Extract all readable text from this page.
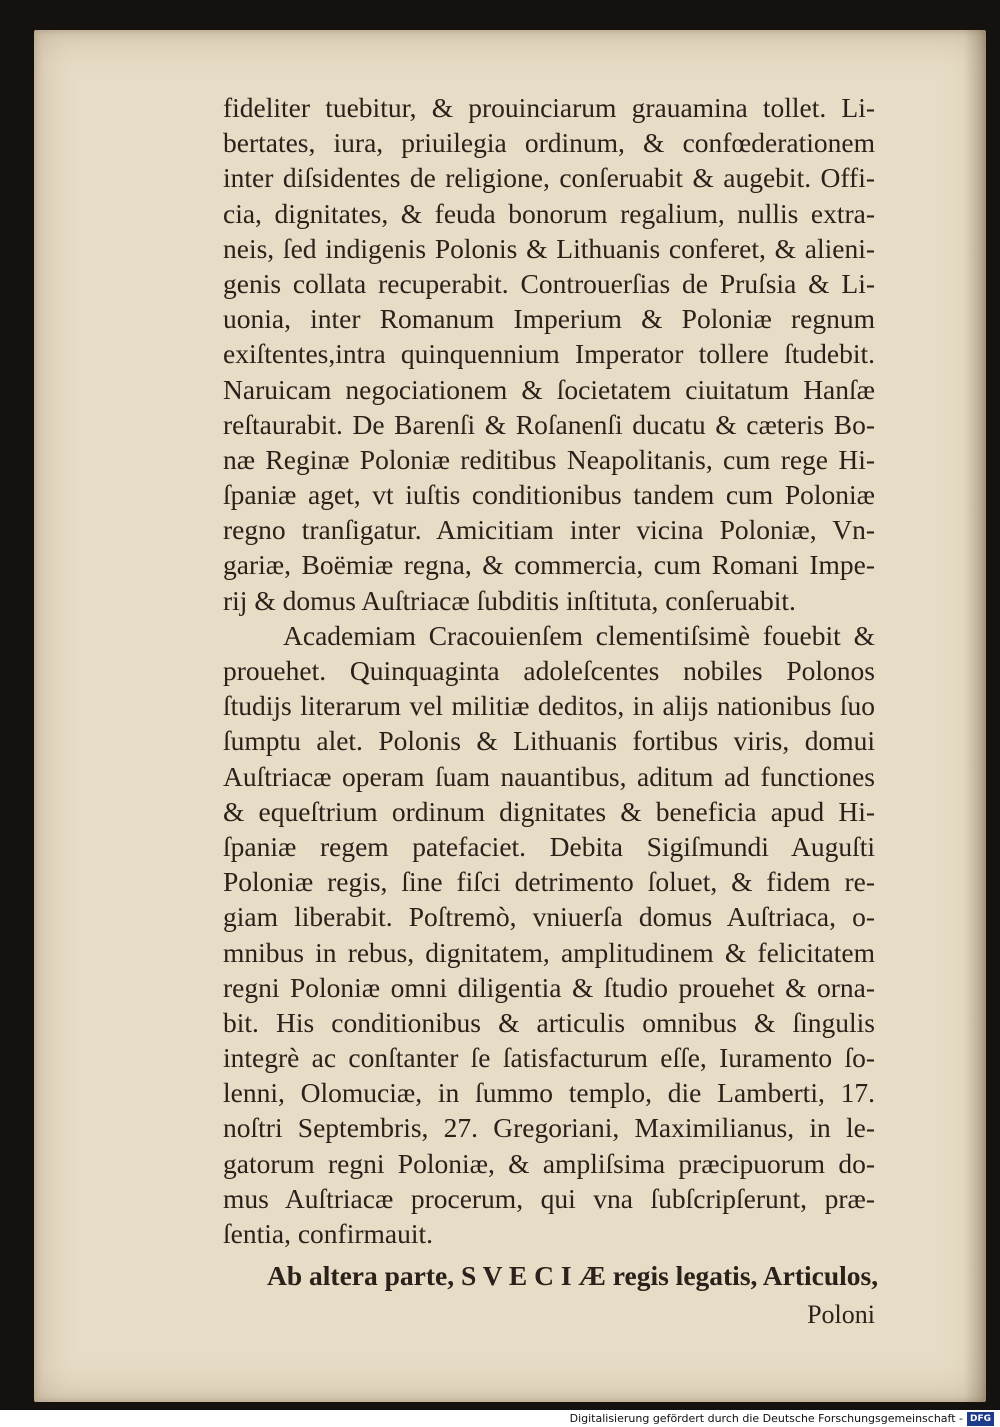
fideliter tuebitur, & prouinciarum grauamina tollet. Li-
bertates, iura, priuilegia ordinum, & confœderationem
inter diſsidentes de religione, conſeruabit & augebit. Offi-
cia, dignitates, & feuda bonorum regalium, nullis extra-
neis, ſed indigenis Polonis & Lithuanis conferet, & alieni-
genis collata recuperabit. Controuerſias de Pruſsia & Li-
uonia, inter Romanum Imperium & Poloniæ regnum
exiſtentes,intra quinquennium Imperator tollere ſtudebit.
Naruicam negociationem & ſocietatem ciuitatum Hanſæ
reſtaurabit. De Barenſi & Roſanenſi ducatu & cæteris Bo-
næ Reginæ Poloniæ reditibus Neapolitanis, cum rege Hi-
ſpaniæ aget, vt iuſtis conditionibus tandem cum Poloniæ
regno tranſigatur. Amicitiam inter vicina Poloniæ, Vn-
gariæ, Boëmiæ regna, & commercia, cum Romani Impe-
rij & domus Auſtriacæ ſubditis inſtituta, conſeruabit.
Academiam Cracouienſem clementiſsimè fouebit &
prouehet. Quinquaginta adoleſcentes nobiles Polonos
ſtudijs literarum vel militiæ deditos, in alijs nationibus ſuo
ſumptu alet. Polonis & Lithuanis fortibus viris, domui
Auſtriacæ operam ſuam nauantibus, aditum ad functiones
& equeſtrium ordinum dignitates & beneficia apud Hi-
ſpaniæ regem patefaciet. Debita Sigiſmundi Auguſti
Poloniæ regis, ſine fiſci detrimento ſoluet, & fidem re-
giam liberabit. Poſtremò, vniuerſa domus Auſtriaca, o-
mnibus in rebus, dignitatem, amplitudinem & felicitatem
regni Poloniæ omni diligentia & ſtudio prouehet & orna-
bit. His conditionibus & articulis omnibus & ſingulis
integrè ac conſtanter ſe ſatisfacturum eſſe, Iuramento ſo-
lenni, Olomuciæ, in ſummo templo, die Lamberti, 17.
noſtri Septembris, 27. Gregoriani, Maximilianus, in le-
gatorum regni Poloniæ, & ampliſsima præcipuorum do-
mus Auſtriacæ procerum, qui vna ſubſcripſerunt, præ-
ſentia, confirmauit.
Ab altera parte, S V E C I Æ regis legatis, Articulos,
Poloni
Digitalisierung gefördert durch die Deutsche Forschungsgemeinschaft - DFG
